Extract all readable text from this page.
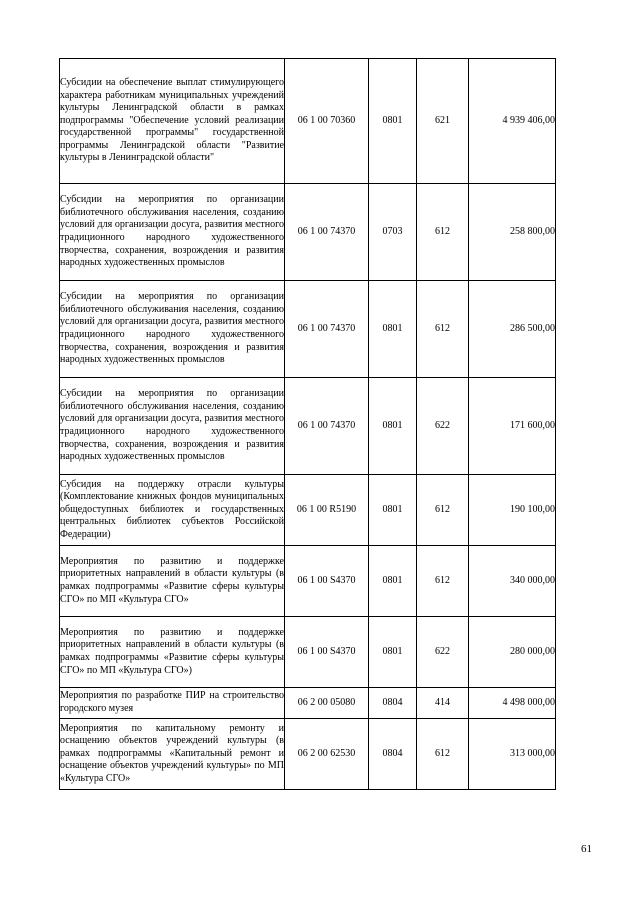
Субсидии на обеспечение выплат стимулирующего характера работникам муниципальных учреждений культуры Ленинградской области в рамках подпрограммы "Обеспечение условий реализации государственной программы" государственной программы Ленинградской области "Развитие культуры в Ленинградской области"	06 1 00 70360	0801	621	4 939 406,00
Субсидии на мероприятия по организации библиотечного обслуживания населения, созданию условий для организации досуга, развития местного традиционного народного художественного творчества, сохранения, возрождения и развития народных художественных промыслов	06 1 00 74370	0703	612	258 800,00
Субсидии на мероприятия по организации библиотечного обслуживания населения, созданию условий для организации досуга, развития местного традиционного народного художественного творчества, сохранения, возрождения и развития народных художественных промыслов	06 1 00 74370	0801	612	286 500,00
Субсидии на мероприятия по организации библиотечного обслуживания населения, созданию условий для организации досуга, развития местного традиционного народного художественного творчества, сохранения, возрождения и развития народных художественных промыслов	06 1 00 74370	0801	622	171 600,00
Субсидия на поддержку отрасли культуры (Комплектование книжных фондов муниципальных общедоступных библиотек и государственных центральных библиотек субъектов Российской Федерации)	06 1 00 R5190	0801	612	190 100,00
Мероприятия по развитию и поддержке приоритетных направлений в области культуры (в рамках подпрограммы «Развитие сферы культуры СГО» по МП «Культура СГО»	06 1 00 S4370	0801	612	340 000,00
Мероприятия по развитию и поддержке приоритетных направлений в области культуры (в рамках подпрограммы «Развитие сферы культуры СГО» по МП «Культура СГО»)	06 1 00 S4370	0801	622	280 000,00
Мероприятия по разработке ПИР на строительство городского музея	06 2 00 05080	0804	414	4 498 000,00
Мероприятия по капитальному ремонту и оснащению объектов учреждений культуры (в рамках подпрограммы «Капитальный ремонт и оснащение объектов учреждений культуры» по МП «Культура СГО»	06 2 00 62530	0804	612	313 000,00
61
